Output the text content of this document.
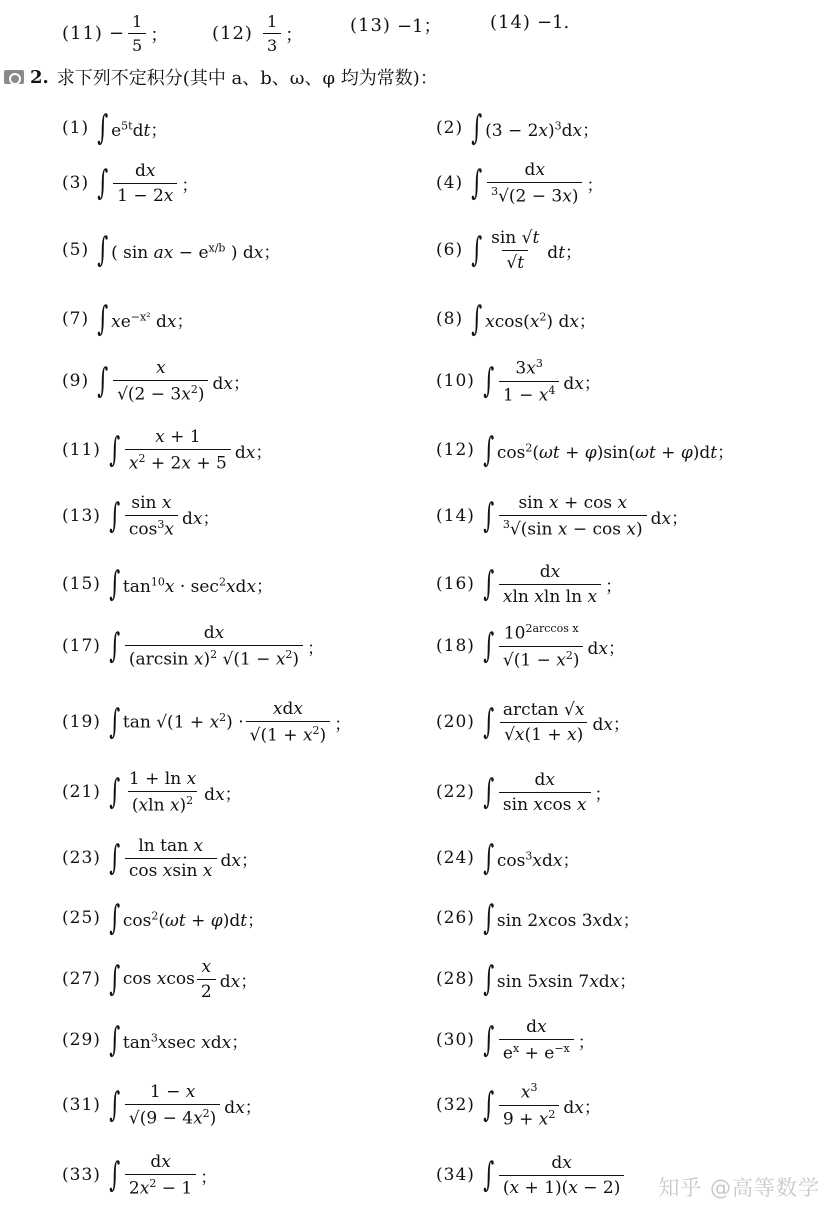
$(11) - \frac{1}{5}$ ； $(12) \frac{1}{3}$ ；	(13) −1；	(14) −1.
2. 求下列不定积分(其中 a、b、ω、φ 均为常数)：
(1) ∫ $e^{5t}dt$；	(2) ∫ $(3 - 2x)^3dx$；
(3) ∫ $\frac{dx}{1 - 2x}$ ；	(4) ∫ $\frac{dx}{^3√(2 - 3x)}$ ；
(5) ∫ ( sin ax − $e^{x/b}$ ) dx；	(6) ∫ $\frac{\sin √t}{√t}$ dt；
(7) ∫ $xe^{-x^2}$ dx；	(8) ∫ $xcos(x^2)$ dx；
(9) ∫ $\frac{x}{√(2 - 3x^2)}$ dx；	(10) ∫ $\frac{3x^3}{1 - x^4}$ dx；
(11) ∫ $\frac{x + 1}{x^2 + 2x + 5}$ dx；	(12) ∫ $\cos^2(\omega t + \varphi)\sin(\omega t + \varphi)dt$；
(13) ∫ $\frac{\text{sin x}}{\cos^3x}$ dx；	(14) ∫ $\frac{\text{sin x + cos x}}{^3√(\sin x - \cos x)}$ dx；
(15) ∫ $\tan^{10}x \cdot \sec^2xdx$；	(16) ∫ $\frac{dx}{\text{xln xln ln x}}$ ；
(17) ∫ $\frac{dx}{(\arcsin x)^2 √(1 - x^2)}$ ；	(18) ∫ $\frac{10^{2arccos x}}{√(1 - x^2)}$ dx；
(19) ∫ $\tan √(1 + x^2) \cdot \frac{\text{xdx}}{√(1 + x^2)}$ ；	(20) ∫ $\frac{\arctan √x}{√x(1 + x)}$ dx；
(21) ∫ $\frac{\text{1 + ln x}}{(xln x)^2}$ dx；	(22) ∫ $\frac{dx}{\text{sin xcos x}}$ ；
(23) ∫ $\frac{\text{ln tan x}}{\text{cos xsin x}}$ dx；	(24) ∫ $\cos^3xdx$；
(25) ∫ $\cos^2(\omega t + \varphi)dt$；	(26) ∫ sin 2xcos 3xdx；
(27) ∫ cos xcos $\frac{x}{2}$ dx；	(28) ∫ sin 5xsin 7xdx；
(29) ∫ $\tan^3xsec$ xdx；	(30) ∫ $\frac{dx}{e^x + e^{-x}}$ ；
(31) ∫ $\frac{1 - x}{√(9 - 4x^2)}$ dx；	(32) ∫ $\frac{x^3}{9 + x^2}$ dx；
(33) ∫ $\frac{dx}{2x^2 - 1}$ ；	(34) ∫ $\frac{dx}{(x + 1)(x - 2)}$ 知乎 @高等数学
